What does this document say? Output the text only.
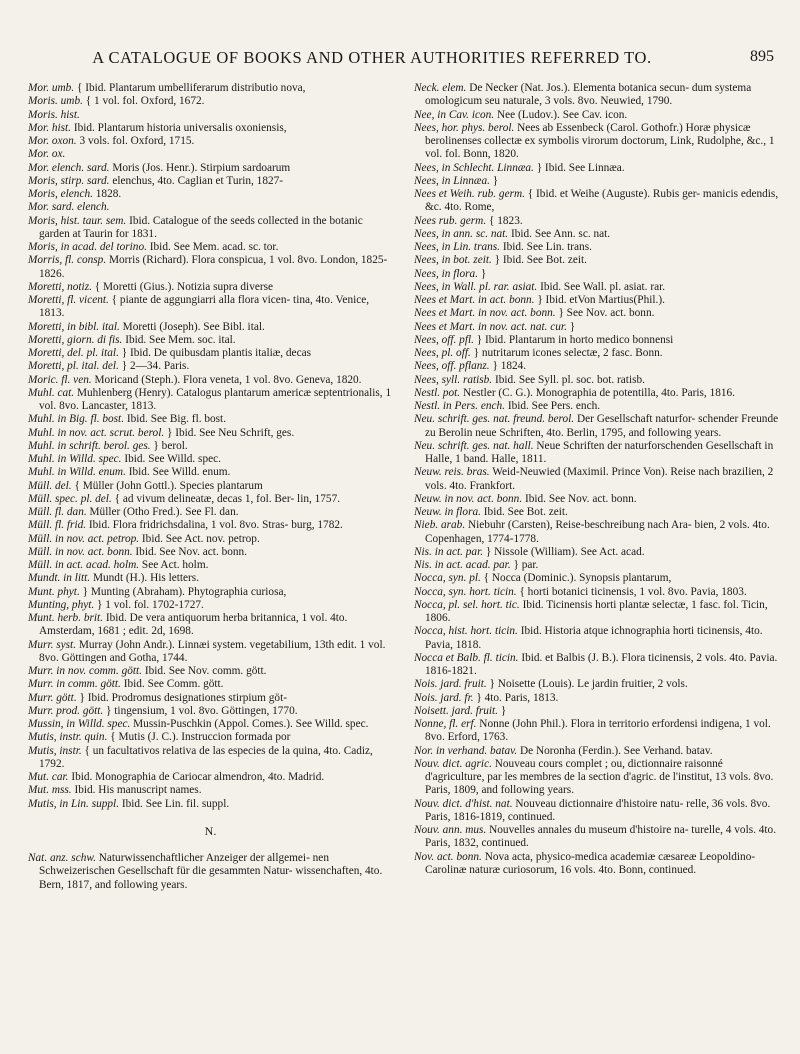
A CATALOGUE OF BOOKS AND OTHER AUTHORITIES REFERRED TO.	895

Mor. umb. { Ibid. Plantarum umbelliferarum distributio nova,

Moris. umb. { 1 vol. fol. Oxford, 1672.

Moris. hist.

Mor. hist. Ibid. Plantarum historia universalis oxoniensis,

Mor. oxon. 3 vols. fol. Oxford, 1715.

Mor. ox.

Mor. elench. sard. Moris (Jos. Henr.). Stirpium sardoarum

Moris, stirp. sard. elenchus, 4to. Caglian et Turin, 1827-

Moris, elench. 1828.

Mor. sard. elench.

Moris, hist. taur. sem. Ibid. Catalogue of the seeds collected in the botanic garden at Taurin for 1831.

Moris, in acad. del torino. Ibid. See Mem. acad. sc. tor.

Morris, fl. consp. Morris (Richard). Flora conspicua, 1 vol. 8vo. London, 1825-1826.

Moretti, notiz. { Moretti (Gius.). Notizia supra diverse

Moretti, fl. vicent. { piante de aggungiarri alla flora vicen- tina, 4to. Venice, 1813.

Moretti, in bibl. ital. Moretti (Joseph). See Bibl. ital.

Moretti, giorn. di fis. Ibid. See Mem. soc. ital.

Moretti, del. pl. ital. } Ibid. De quibusdam plantis italiæ, decas

Moretti, pl. ital. del. } 2—34. Paris.

Moric. fl. ven. Moricand (Steph.). Flora veneta, 1 vol. 8vo. Geneva, 1820.

Muhl. cat. Muhlenberg (Henry). Catalogus plantarum americæ septentrionalis, 1 vol. 8vo. Lancaster, 1813.

Muhl. in Big. fl. bost. Ibid. See Big. fl. bost.

Muhl. in nov. act. scrut. berol. } Ibid. See Neu Schrift, ges.

Muhl. in schrift. berol. ges. } berol.

Muhl. in Willd. spec. Ibid. See Willd. spec.

Muhl. in Willd. enum. Ibid. See Willd. enum.

Müll. del. { Müller (John Gottl.). Species plantarum

Müll. spec. pl. del. { ad vivum delineatæ, decas 1, fol. Ber- lin, 1757.

Müll. fl. dan. Müller (Otho Fred.). See Fl. dan.

Müll. fl. frid. Ibid. Flora fridrichsdalina, 1 vol. 8vo. Stras- burg, 1782.

Müll. in nov. act. petrop. Ibid. See Act. nov. petrop.

Müll. in nov. act. bonn. Ibid. See Nov. act. bonn.

Müll. in act. acad. holm. See Act. holm.

Mundt. in litt. Mundt (H.). His letters.

Munt. phyt. } Munting (Abraham). Phytographia curiosa,

Munting, phyt. } 1 vol. fol. 1702-1727.

Munt. herb. brit. Ibid. De vera antiquorum herba britannica, 1 vol. 4to. Amsterdam, 1681 ; edit. 2d, 1698.

Murr. syst. Murray (John Andr.). Linnæi system. vegetabilium, 13th edit. 1 vol. 8vo. Göttingen and Gotha, 1744.

Murr. in nov. comm. gött. Ibid. See Nov. comm. gött.

Murr. in comm. gött. Ibid. See Comm. gött.

Murr. gött. } Ibid. Prodromus designationes stirpium göt-

Murr. prod. gött. } tingensium, 1 vol. 8vo. Göttingen, 1770.

Mussin, in Willd. spec. Mussin-Puschkin (Appol. Comes.). See Willd. spec.

Mutis, instr. quin. { Mutis (J. C.). Instruccion formada por

Mutis, instr. { un facultativos relativa de las especies de la quina, 4to. Cadiz, 1792.

Mut. car. Ibid. Monographia de Cariocar almendron, 4to. Madrid.

Mut. mss. Ibid. His manuscript names.

Mutis, in Lin. suppl. Ibid. See Lin. fil. suppl.

N.

Nat. anz. schw. Naturwissenchaftlicher Anzeiger der allgemei- nen Schweizerischen Gesellschaft für die gesammten Natur- wissenchaften, 4to. Bern, 1817, and following years.

Neck. elem. De Necker (Nat. Jos.). Elementa botanica secun- dum systema omologicum seu naturale, 3 vols. 8vo. Neuwied, 1790.

Nee, in Cav. icon. Nee (Ludov.). See Cav. icon.

Nees, hor. phys. berol. Nees ab Essenbeck (Carol. Gothofr.) Horæ physicæ berolinenses collectæ ex symbolis virorum doctorum, Link, Rudolphe, &c., 1 vol. fol. Bonn, 1820.

Nees, in Schlecht. Linnæa. } Ibid. See Linnæa.

Nees, in Linnæa. }

Nees et Weih. rub. germ. { Ibid. et Weihe (Auguste). Rubis ger- manicis edendis, &c. 4to. Rome,

Nees rub. germ. { 1823.

Nees, in ann. sc. nat. Ibid. See Ann. sc. nat.

Nees, in Lin. trans. Ibid. See Lin. trans.

Nees, in bot. zeit. } Ibid. See Bot. zeit.

Nees, in flora. }

Nees, in Wall. pl. rar. asiat. Ibid. See Wall. pl. asiat. rar.

Nees et Mart. in act. bonn. } Ibid. etVon Martius(Phil.).

Nees et Mart. in nov. act. bonn. } See Nov. act. bonn.

Nees et Mart. in nov. act. nat. cur. }

Nees, off. pfl. } Ibid. Plantarum in horto medico bonnensi

Nees, pl. off. } nutritarum icones selectæ, 2 fasc. Bonn.

Nees, off. pflanz. } 1824.

Nees, syll. ratisb. Ibid. See Syll. pl. soc. bot. ratisb.

Nestl. pot. Nestler (C. G.). Monographia de potentilla, 4to. Paris, 1816.

Nestl. in Pers. ench. Ibid. See Pers. ench.

Neu. schrift. ges. nat. freund. berol. Der Gesellschaft naturfor- schender Freunde zu Berolin neue Schriften, 4to. Berlin, 1795, and following years.

Neu. schrift. ges. nat. hall. Neue Schriften der naturforschenden Gesellschaft in Halle, 1 band. Halle, 1811.

Neuw. reis. bras. Weid-Neuwied (Maximil. Prince Von). Reise nach brazilien, 2 vols. 4to. Frankfort.

Neuw. in nov. act. bonn. Ibid. See Nov. act. bonn.

Neuw. in flora. Ibid. See Bot. zeit.

Nieb. arab. Niebuhr (Carsten), Reise-beschreibung nach Ara- bien, 2 vols. 4to. Copenhagen, 1774-1778.

Nis. in act. par. } Nissole (William). See Act. acad.

Nis. in act. acad. par. } par.

Nocca, syn. pl. { Nocca (Dominic.). Synopsis plantarum,

Nocca, syn. hort. ticin. { horti botanici ticinensis, 1 vol. 8vo. Pavia, 1803.

Nocca, pl. sel. hort. tic. Ibid. Ticinensis horti plantæ selectæ, 1 fasc. fol. Ticin, 1806.

Nocca, hist. hort. ticin. Ibid. Historia atque ichnographia horti ticinensis, 4to. Pavia, 1818.

Nocca et Balb. fl. ticin. Ibid. et Balbis (J. B.). Flora ticinensis, 2 vols. 4to. Pavia. 1816-1821.

Nois. jard. fruit. } Noisette (Louis). Le jardin fruitier, 2 vols.

Nois. jard. fr. } 4to. Paris, 1813.

Noisett. jard. fruit. }

Nonne, fl. erf. Nonne (John Phil.). Flora in territorio erfordensi indigena, 1 vol. 8vo. Erford, 1763.

Nor. in verhand. batav. De Noronha (Ferdin.). See Verhand. batav.

Nouv. dict. agric. Nouveau cours complet ; ou, dictionnaire raisonné d'agriculture, par les membres de la section d'agric. de l'institut, 13 vols. 8vo. Paris, 1809, and following years.

Nouv. dict. d'hist. nat. Nouveau dictionnaire d'histoire natu- relle, 36 vols. 8vo. Paris, 1816-1819, continued.

Nouv. ann. mus. Nouvelles annales du museum d'histoire na- turelle, 4 vols. 4to. Paris, 1832, continued.

Nov. act. bonn. Nova acta, physico-medica academiæ cæsareæ Leopoldino-Carolinæ naturæ curiosorum, 16 vols. 4to. Bonn, continued.
